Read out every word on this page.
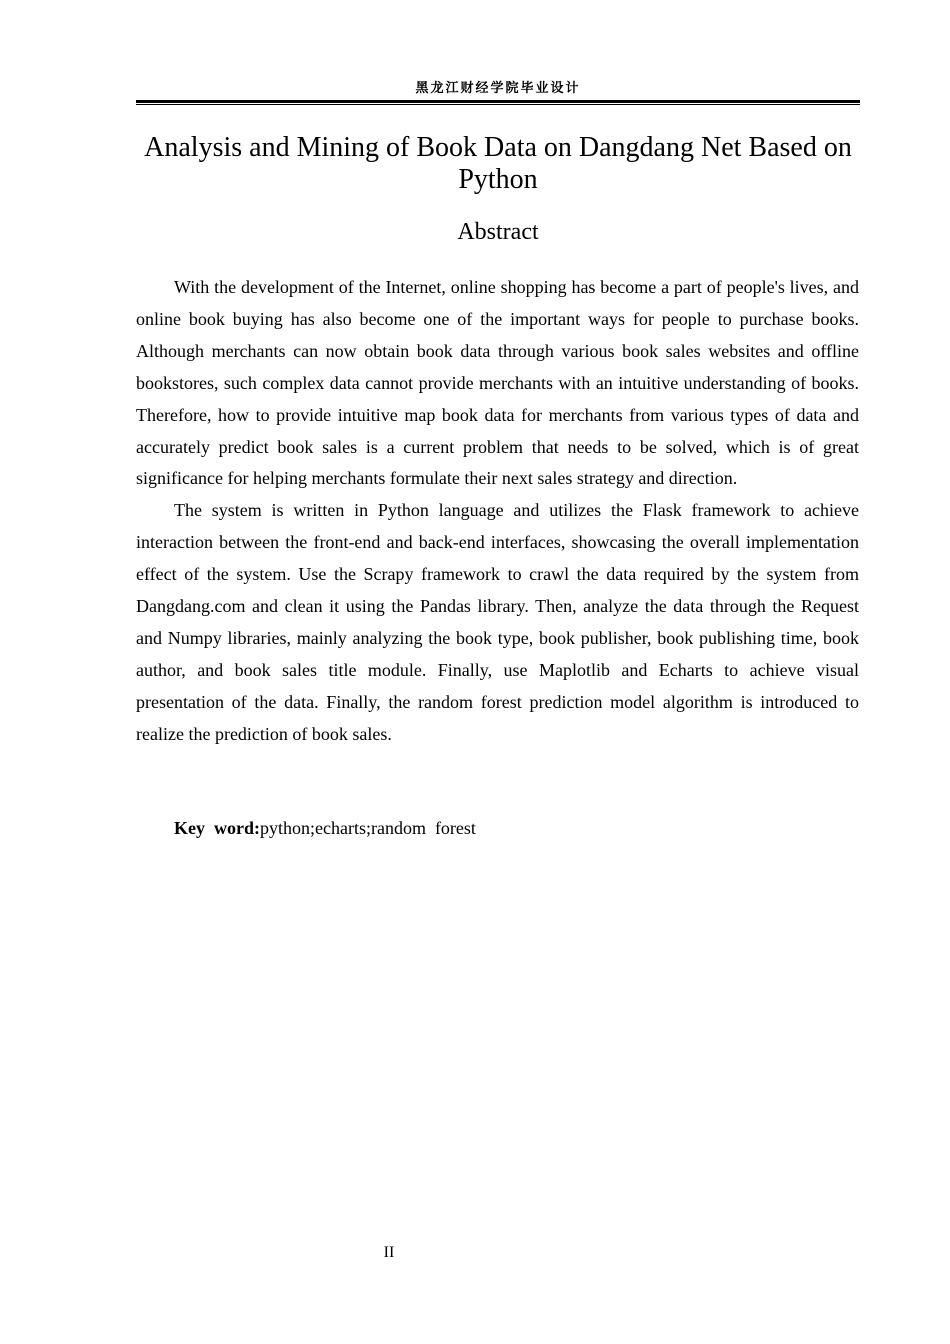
黑龙江财经学院毕业设计
Analysis and Mining of Book Data on Dangdang Net Based on Python
Abstract

With the development of the Internet, online shopping has become a part of people's lives, and online book buying has also become one of the important ways for people to purchase books. Although merchants can now obtain book data through various book sales websites and offline bookstores, such complex data cannot provide merchants with an intuitive understanding of books. Therefore, how to provide intuitive map book data for merchants from various types of data and accurately predict book sales is a current problem that needs to be solved, which is of great significance for helping merchants formulate their next sales strategy and direction.

The system is written in Python language and utilizes the Flask framework to achieve interaction between the front-end and back-end interfaces, showcasing the overall implementation effect of the system. Use the Scrapy framework to crawl the data required by the system from Dangdang.com and clean it using the Pandas library. Then, analyze the data through the Request and Numpy libraries, mainly analyzing the book type, book publisher, book publishing time, book author, and book sales title module. Finally, use Maplotlib and Echarts to achieve visual presentation of the data. Finally, the random forest prediction model algorithm is introduced to realize the prediction of book sales.

Key  word:python;echarts;random  forest
II
